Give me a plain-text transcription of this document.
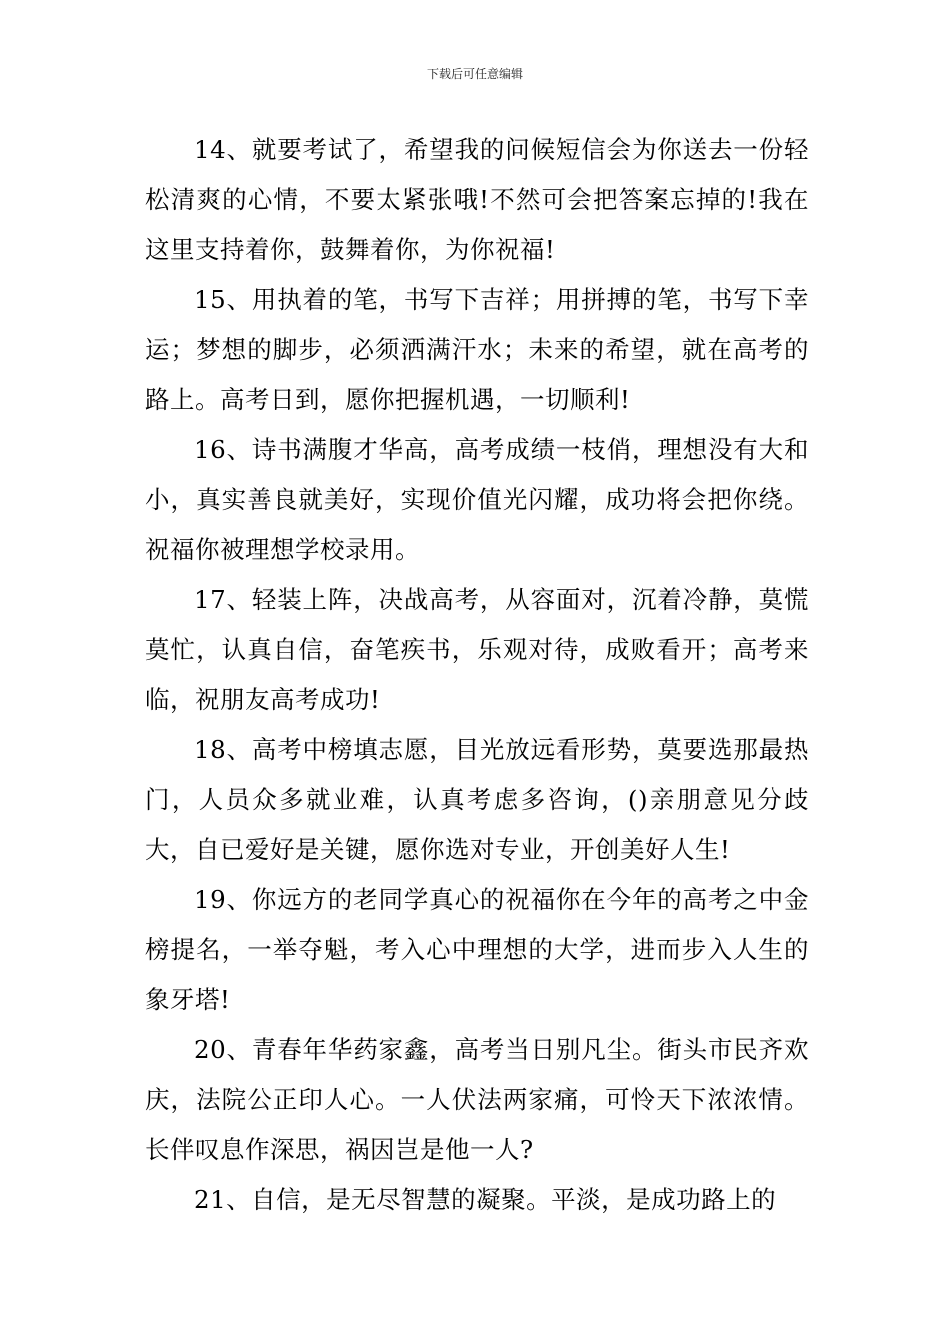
下载后可任意编辑

14、就要考试了，希望我的问候短信会为你送去一份轻松清爽的心情，不要太紧张哦!不然可会把答案忘掉的!我在这里支持着你，鼓舞着你，为你祝福!

15、用执着的笔，书写下吉祥；用拼搏的笔，书写下幸运；梦想的脚步，必须洒满汗水；未来的希望，就在高考的路上。高考日到，愿你把握机遇，一切顺利!

16、诗书满腹才华高，高考成绩一枝俏，理想没有大和小，真实善良就美好，实现价值光闪耀，成功将会把你绕。祝福你被理想学校录用。

17、轻装上阵，决战高考，从容面对，沉着冷静，莫慌莫忙，认真自信，奋笔疾书，乐观对待，成败看开；高考来临，祝朋友高考成功!

18、高考中榜填志愿，目光放远看形势，莫要选那最热门，人员众多就业难，认真考虑多咨询，()亲朋意见分歧大，自已爱好是关键，愿你选对专业，开创美好人生!

19、你远方的老同学真心的祝福你在今年的高考之中金榜提名，一举夺魁，考入心中理想的大学，进而步入人生的象牙塔!

20、青春年华药家鑫，高考当日别凡尘。街头市民齐欢庆，法院公正印人心。一人伏法两家痛，可怜天下浓浓情。长伴叹息作深思，祸因岂是他一人?

21、自信，是无尽智慧的凝聚。平淡，是成功路上的
